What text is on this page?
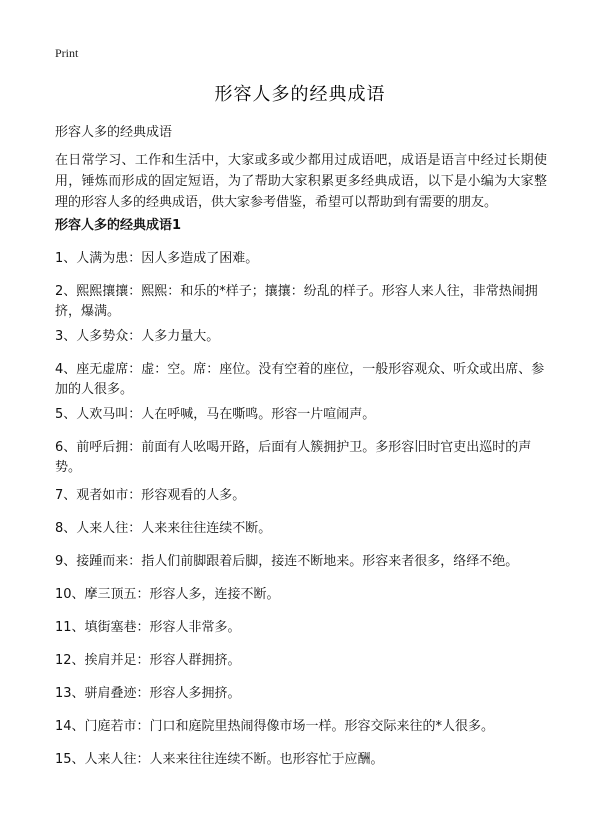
Print
形容人多的经典成语

形容人多的经典成语

在日常学习、工作和生活中，大家或多或少都用过成语吧，成语是语言中经过长期使用，锤炼而形成的固定短语，为了帮助大家积累更多经典成语，以下是小编为大家整理的形容人多的经典成语，供大家参考借鉴，希望可以帮助到有需要的朋友。

形容人多的经典成语1

1、人满为患：因人多造成了困难。

2、熙熙攘攘：熙熙：和乐的*样子；攘攘：纷乱的样子。形容人来人往，非常热闹拥挤，爆满。

3、人多势众：人多力量大。

4、座无虚席：虚：空。席：座位。没有空着的座位，一般形容观众、听众或出席、参加的人很多。

5、人欢马叫：人在呼喊，马在嘶鸣。形容一片喧闹声。

6、前呼后拥：前面有人吆喝开路，后面有人簇拥护卫。多形容旧时官吏出巡时的声势。

7、观者如市：形容观看的人多。

8、人来人往：人来来往往连续不断。

9、接踵而来：指人们前脚跟着后脚，接连不断地来。形容来者很多，络绎不绝。

10、摩三顶五：形容人多，连接不断。

11、填街塞巷：形容人非常多。

12、挨肩并足：形容人群拥挤。

13、骈肩叠迹：形容人多拥挤。

14、门庭若市：门口和庭院里热闹得像市场一样。形容交际来往的*人很多。

15、人来人往：人来来往往连续不断。也形容忙于应酬。
